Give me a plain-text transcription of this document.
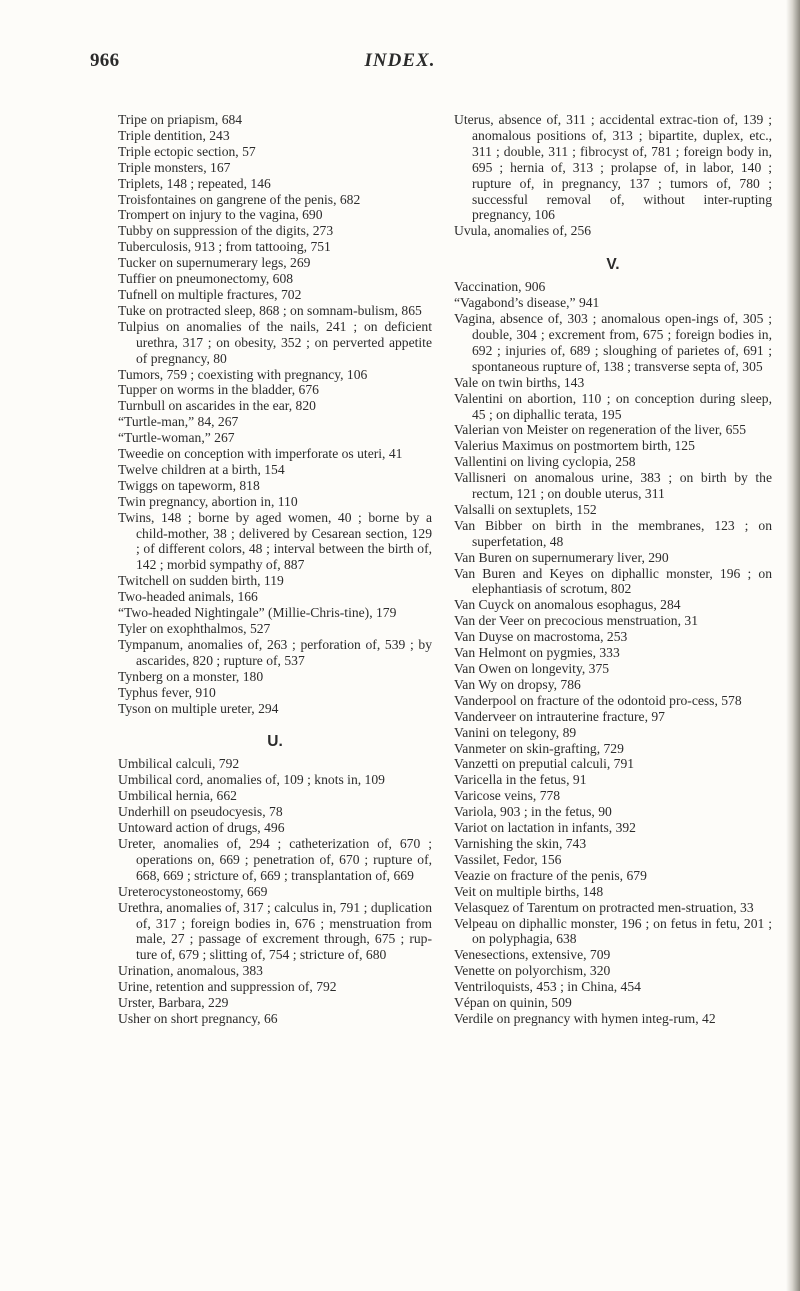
INDEX.
966
Tripe on priapism, 684
Triple dentition, 243
Triple ectopic section, 57
Triple monsters, 167
Triplets, 148 ; repeated, 146
Troisfontaines on gangrene of the penis, 682
Trompert on injury to the vagina, 690
Tubby on suppression of the digits, 273
Tuberculosis, 913 ; from tattooing, 751
Tucker on supernumerary legs, 269
Tuffier on pneumonectomy, 608
Tufnell on multiple fractures, 702
Tuke on protracted sleep, 868 ; on somnam-bulism, 865
Tulpius on anomalies of the nails, 241 ; on deficient urethra, 317 ; on obesity, 352 ; on perverted appetite of pregnancy, 80
Tumors, 759 ; coexisting with pregnancy, 106
Tupper on worms in the bladder, 676
Turnbull on ascarides in the ear, 820
“Turtle-man,” 84, 267
“Turtle-woman,” 267
Tweedie on conception with imperforate os uteri, 41
Twelve children at a birth, 154
Twiggs on tapeworm, 818
Twin pregnancy, abortion in, 110
Twins, 148 ; borne by aged women, 40 ; borne by a child-mother, 38 ; delivered by Cesarean section, 129 ; of different colors, 48 ; interval between the birth of, 142 ; morbid sympathy of, 887
Twitchell on sudden birth, 119
Two-headed animals, 166
“Two-headed Nightingale” (Millie-Chris-tine), 179
Tyler on exophthalmos, 527
Tympanum, anomalies of, 263 ; perforation of, 539 ; by ascarides, 820 ; rupture of, 537
Tynberg on a monster, 180
Typhus fever, 910
Tyson on multiple ureter, 294
U.
Umbilical calculi, 792
Umbilical cord, anomalies of, 109 ; knots in, 109
Umbilical hernia, 662
Underhill on pseudocyesis, 78
Untoward action of drugs, 496
Ureter, anomalies of, 294 ; catheterization of, 670 ; operations on, 669 ; penetration of, 670 ; rupture of, 668, 669 ; stricture of, 669 ; transplantation of, 669
Ureterocystoneostomy, 669
Urethra, anomalies of, 317 ; calculus in, 791 ; duplication of, 317 ; foreign bodies in, 676 ; menstruation from male, 27 ; passage of excrement through, 675 ; rup-ture of, 679 ; slitting of, 754 ; stricture of, 680
Urination, anomalous, 383
Urine, retention and suppression of, 792
Urster, Barbara, 229
Usher on short pregnancy, 66
Uterus, absence of, 311 ; accidental extrac-tion of, 139 ; anomalous positions of, 313 ; bipartite, duplex, etc., 311 ; double, 311 ; fibrocyst of, 781 ; foreign body in, 695 ; hernia of, 313 ; prolapse of, in labor, 140 ; rupture of, in pregnancy, 137 ; tumors of, 780 ; successful removal of, without inter-rupting pregnancy, 106
Uvula, anomalies of, 256
V.
Vaccination, 906
“Vagabond’s disease,” 941
Vagina, absence of, 303 ; anomalous open-ings of, 305 ; double, 304 ; excrement from, 675 ; foreign bodies in, 692 ; injuries of, 689 ; sloughing of parietes of, 691 ; spontaneous rupture of, 138 ; transverse septa of, 305
Vale on twin births, 143
Valentini on abortion, 110 ; on conception during sleep, 45 ; on diphallic terata, 195
Valerian von Meister on regeneration of the liver, 655
Valerius Maximus on postmortem birth, 125
Vallentini on living cyclopia, 258
Vallisneri on anomalous urine, 383 ; on birth by the rectum, 121 ; on double uterus, 311
Valsalli on sextuplets, 152
Van Bibber on birth in the membranes, 123 ; on superfetation, 48
Van Buren on supernumerary liver, 290
Van Buren and Keyes on diphallic monster, 196 ; on elephantiasis of scrotum, 802
Van Cuyck on anomalous esophagus, 284
Van der Veer on precocious menstruation, 31
Van Duyse on macrostoma, 253
Van Helmont on pygmies, 333
Van Owen on longevity, 375
Van Wy on dropsy, 786
Vanderpool on fracture of the odontoid pro-cess, 578
Vanderveer on intrauterine fracture, 97
Vanini on telegony, 89
Vanmeter on skin-grafting, 729
Vanzetti on preputial calculi, 791
Varicella in the fetus, 91
Varicose veins, 778
Variola, 903 ; in the fetus, 90
Variot on lactation in infants, 392
Varnishing the skin, 743
Vassilet, Fedor, 156
Veazie on fracture of the penis, 679
Veit on multiple births, 148
Velasquez of Tarentum on protracted men-struation, 33
Velpeau on diphallic monster, 196 ; on fetus in fetu, 201 ; on polyphagia, 638
Venesections, extensive, 709
Venette on polyorchism, 320
Ventriloquists, 453 ; in China, 454
Vépan on quinin, 509
Verdile on pregnancy with hymen integ-rum, 42
